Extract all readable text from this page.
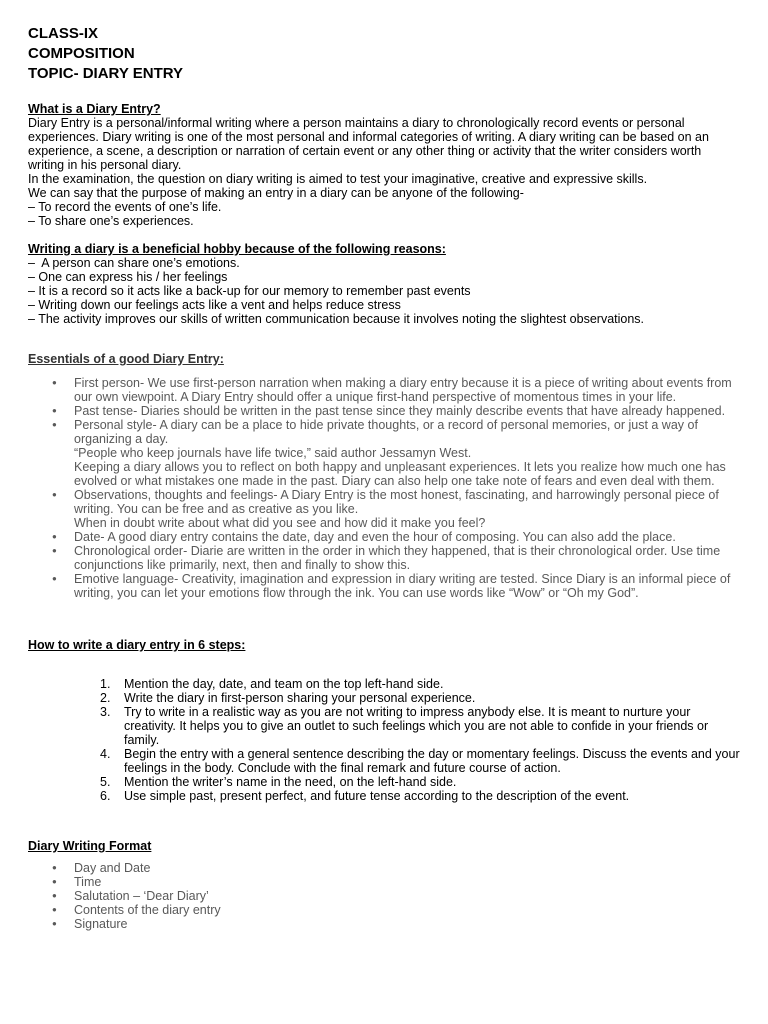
CLASS-IX

COMPOSITION

TOPIC- DIARY ENTRY

What is a Diary Entry?

Diary Entry is a personal/informal writing where a person maintains a diary to chronologically record events or personal experiences. Diary writing is one of the most personal and informal categories of writing. A diary writing can be based on an experience, a scene, a description or narration of certain event or any other thing or activity that the writer considers worth writing in his personal diary.

In the examination, the question on diary writing is aimed to test your imaginative, creative and expressive skills.

We can say that the purpose of making an entry in a diary can be anyone of the following-

– To record the events of one’s life.

– To share one’s experiences.

Writing a diary is a beneficial hobby because of the following reasons:

–  A person can share one’s emotions.

– One can express his / her feelings

– It is a record so it acts like a back-up for our memory to remember past events

– Writing down our feelings acts like a vent and helps reduce stress

– The activity improves our skills of written communication because it involves noting the slightest observations.

Essentials of a good Diary Entry:

● First person- We use first-person narration when making a diary entry because it is a piece of writing about events from our own viewpoint. A Diary Entry should offer a unique first-hand perspective of momentous times in your life.
● Past tense- Diaries should be written in the past tense since they mainly describe events that have already happened.
● Personal style- A diary can be a place to hide private thoughts, or a record of personal memories, or just a way of organizing a day.
“People who keep journals have life twice,” said author Jessamyn West.
Keeping a diary allows you to reflect on both happy and unpleasant experiences. It lets you realize how much one has evolved or what mistakes one made in the past. Diary can also help one take note of fears and even deal with them.
● Observations, thoughts and feelings- A Diary Entry is the most honest, fascinating, and harrowingly personal piece of writing. You can be free and as creative as you like.
When in doubt write about what did you see and how did it make you feel?
● Date- A good diary entry contains the date, day and even the hour of composing. You can also add the place.
● Chronological order- Diarie are written in the order in which they happened, that is their chronological order. Use time conjunctions like primarily, next, then and finally to show this.
● Emotive language- Creativity, imagination and expression in diary writing are tested. Since Diary is an informal piece of writing, you can let your emotions flow through the ink. You can use words like “Wow” or “Oh my God”.

How to write a diary entry in 6 steps:

1. Mention the day, date, and team on the top left-hand side.
2. Write the diary in first-person sharing your personal experience.
3. Try to write in a realistic way as you are not writing to impress anybody else. It is meant to nurture your creativity. It helps you to give an outlet to such feelings which you are not able to confide in your friends or family.
4. Begin the entry with a general sentence describing the day or momentary feelings. Discuss the events and your feelings in the body. Conclude with the final remark and future course of action.
5. Mention the writer’s name in the need, on the left-hand side.
6. Use simple past, present perfect, and future tense according to the description of the event.

Diary Writing Format

● Day and Date
● Time
● Salutation – ‘Dear Diary’
● Contents of the diary entry
● Signature
